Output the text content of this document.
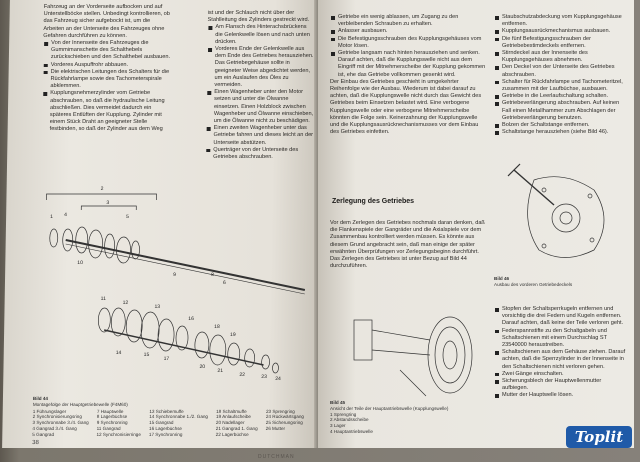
Fahrzeug an der Vorderseite aufbocken und auf Unterstellböcke stellen. Unbedingt kontrollieren, ob das Fahrzeug sicher aufgebockt ist, um die Arbeiten an der Unterseite des Fahrzeuges ohne Gefahren durchführen zu können.

Von der Innenseite des Fahrzeuges die Gummimanschette des Schalthebels zurückschieben und den Schalthebel ausbauen.

Vorderes Auspuffrohr abbauen.

Die elektrischen Leitungen des Schalters für die Rückfahrlampe sowie des Tachometerspirale abklemmen.

Kupplungsnehmerzylinder vom Getriebe abschrauben, so daß die hydraulische Leitung abschließen. Dies vermeidet dadurch ein späteres Entlüften der Kupplung. Zylinder mit einem Stück Draht an geeigneter Stelle festbinden, so daß der Zylinder aus dem Weg

ist und der Schlauch nicht über der Stahlleitung des Zylinders gestreckt wird.

Am Flansch des Hinterachsbrückens die Gelenkwelle lösen und nach unten drücken.

Vorderes Ende der Gelenkwelle aus dem Ende des Getriebes herausziehen. Das Getriebegehäuse sollte in geeigneter Weise abgedichtet werden, um ein Auslaufen des Öles zu vermeiden.

Einen Wagenheber unter den Motor setzen und unter die Ölwanne einsetzen. Einen Holzblock zwischen Wagenheber und Ölwanne einschieben, um die Ölwanne nicht zu beschädigen.

Einen zweiten Wagenheber unter das Getriebe fahren und dieses leicht an der Unterseite abstützen.

Querträger von der Unterseite des Getriebes abschrauben.

2
3
1 4	5
10
9	8
6
11
12
13
14
16
15
17
18
19
20
21
22	23 24
Bild 44
Montagefolge der Hauptgetriebewelle (F4M60)
1 Führungslager
2 Synchronisierungsring
3 Synchronnabe 3./4. Gang
4 Gangrad 3./4. Gang
5 Gangrad
7 Hauptwelle
8 Lagerbüchse
9 Synchronring
11 Gangrad
12 Synchronisierringe
13 Schiebemuffe
14 Synchronnabe 1./2. Gang
15 Gangrad
16 Lagerbüchse
17 Synchronring
18 Schaltmuffe
19 Anlaufscheibe
20 Nadellager
21 Gangrad 1. Gang
22 Lagerbüchse
23 Sprengring
24 Rückwärtsgang
25 Sicherungsring
26 Mutter
38

Getriebe ein wenig ablassen, um Zugang zu den verbleibenden Schrauben zu erhalten.

Anlasser ausbauen.

Die Befestigungsschrauben des Kupplungsgehäuses vom Motor lösen.

Getriebe langsam nach hinten herausziehen und senken. Darauf achten, daß die Kupplungswelle nicht aus dem Eingriff mit der Mitnehmerscheibe der Kupplung gekommen ist, ehe das Getriebe vollkommen gesenkt wird.

Der Einbau des Getriebes geschieht in umgekehrter Reihenfolge wie der Ausbau. Wiederum ist dabei darauf zu achten, daß die Kupplungswelle nicht durch das Gewicht des Getriebes beim Einsetzen belastet wird. Eine verbogene Kupplungswelle oder eine verbogene Mitnehmerscheibe könnten die Folge sein. Keinerzahnung der Kupplungswelle und die Kupplungsausrücknechanismusses vor dem Einbau des Getriebes einfetten.

Staubschutzabdeckung vom Kupplungsgehäuse entfernen.

Kupplungsausrückmechanismus ausbauen.

Die fünf Befestigungsschrauben der Getriebebestimdeckels entfernen.

Stirndeckel aus der Innenseite des Kupplungsgehäuses abnehmen.

Den Deckel von der Unterseite des Getriebes abschrauben.

Schalter für Rückfahrlampe und Tachometeritzel, zusammen mit der Laufbüchse, ausbauen.

Getriebe in die Leerlaufschaltung schalten.

Getriebeverlängerung abschrauben. Auf keinen Fall einen Metallhammer zum Abschlagen der Getriebeverlängerung benutzen.

Bolzen der Schaltstange entfernen.

Schaltstange herausziehen (siehe Bild 46).

Zerlegung des Getriebes
Vor dem Zerlegen des Getriebes nochmals daran denken, daß die Flankenspiele der Gangräder und die Axialspiele vor dem Zusammenbau kontrolliert werden müssen. Es könnte aus diesem Grund angebracht sein, daß man einige der später erwähnten Überprüfungen vor Zerlegungsbeginn durchführt. Das Zerlegen des Getriebes ist unter Bezug auf Bild 44 durchzuführen.
Bild 46
Ausbau des vorderen Getriebedeckels
Bild 45
Ansicht der Teile der Hauptantriebswelle (Kupplungswelle)
1 Sprengring
2 Abstandsscheibe
3 Lager
4 Hauptantriebswelle

Stopfen der Schaltsperrkugeln entfernen und vorsichtig die drei Federn und Kugeln entfernen. Darauf achten, daß keine der Teile verloren geht.

Federspannstifte zu den Schaltgabeln und Schaltschienen mit einem Durchschlag ST 23540000 heraustreiben.

Schaltschienen aus dem Gehäuse ziehen. Darauf achten, daß die Sperrzylinder in der Innenseite in den Schaltschienen nicht verloren gehen.

Zwei Gänge einschalten.

Sicherungsblech der Hauptwellenmutter aufbiegen.

Mutter der Hauptwelle lösen.

DUTCHMAN
Toplit
